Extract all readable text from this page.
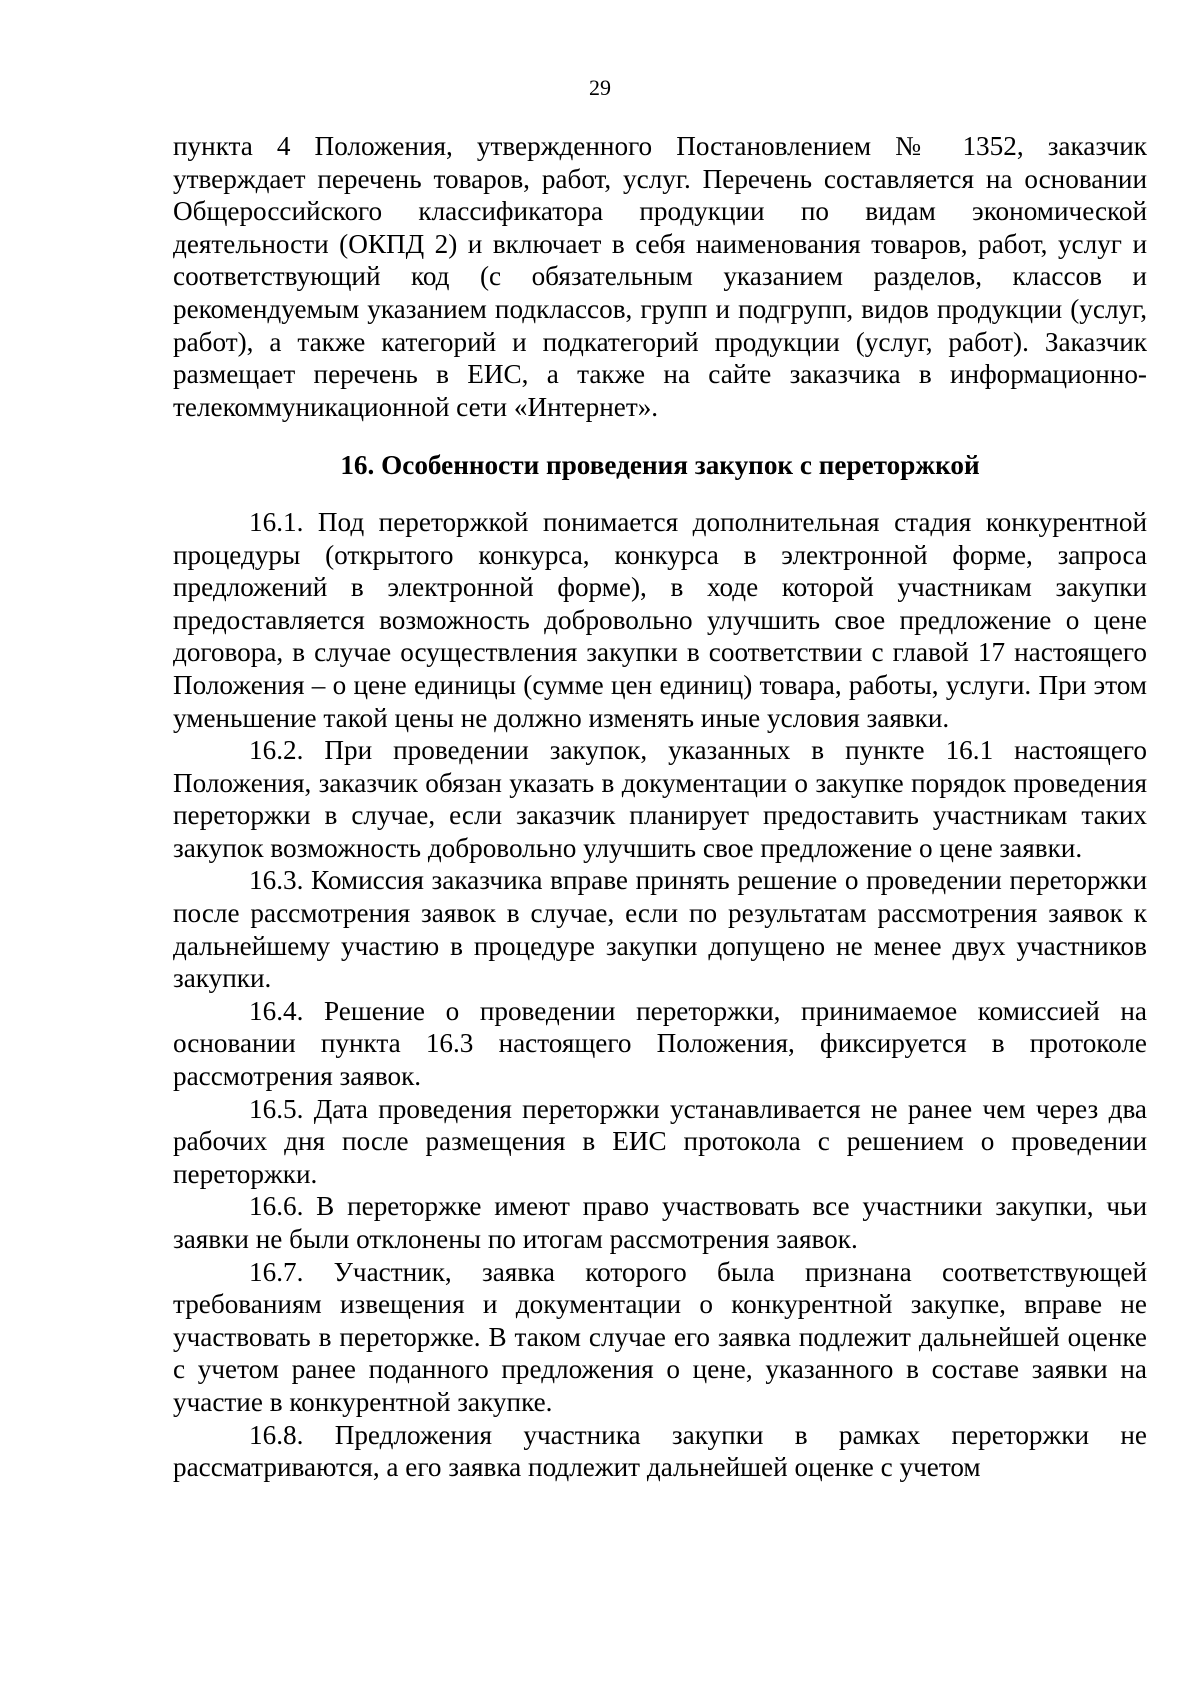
29

пункта 4 Положения, утвержденного Постановлением № 1352, заказчик утверждает перечень товаров, работ, услуг. Перечень составляется на основании Общероссийского классификатора продукции по видам экономической деятельности (ОКПД 2) и включает в себя наименования товаров, работ, услуг и соответствующий код (с обязательным указанием разделов, классов и рекомендуемым указанием подклассов, групп и подгрупп, видов продукции (услуг, работ), а также категорий и подкатегорий продукции (услуг, работ). Заказчик размещает перечень в ЕИС, а также на сайте заказчика в информационно-телекоммуникационной сети «Интернет».

16. Особенности проведения закупок с переторжкой

16.1. Под переторжкой понимается дополнительная стадия конкурентной процедуры (открытого конкурса, конкурса в электронной форме, запроса предложений в электронной форме), в ходе которой участникам закупки предоставляется возможность добровольно улучшить свое предложение о цене договора, в случае осуществления закупки в соответствии с главой 17 настоящего Положения – о цене единицы (сумме цен единиц) товара, работы, услуги. При этом уменьшение такой цены не должно изменять иные условия заявки.

16.2. При проведении закупок, указанных в пункте 16.1 настоящего Положения, заказчик обязан указать в документации о закупке порядок проведения переторжки в случае, если заказчик планирует предоставить участникам таких закупок возможность добровольно улучшить свое предложение о цене заявки.

16.3. Комиссия заказчика вправе принять решение о проведении переторжки после рассмотрения заявок в случае, если по результатам рассмотрения заявок к дальнейшему участию в процедуре закупки допущено не менее двух участников закупки.

16.4. Решение о проведении переторжки, принимаемое комиссией на основании пункта 16.3 настоящего Положения, фиксируется в протоколе рассмотрения заявок.

16.5. Дата проведения переторжки устанавливается не ранее чем через два рабочих дня после размещения в ЕИС протокола с решением о проведении переторжки.

16.6. В переторжке имеют право участвовать все участники закупки, чьи заявки не были отклонены по итогам рассмотрения заявок.

16.7. Участник, заявка которого была признана соответствующей требованиям извещения и документации о конкурентной закупке, вправе не участвовать в переторжке. В таком случае его заявка подлежит дальнейшей оценке с учетом ранее поданного предложения о цене, указанного в составе заявки на участие в конкурентной закупке.

16.8. Предложения участника закупки в рамках переторжки не рассматриваются, а его заявка подлежит дальнейшей оценке с учетом
